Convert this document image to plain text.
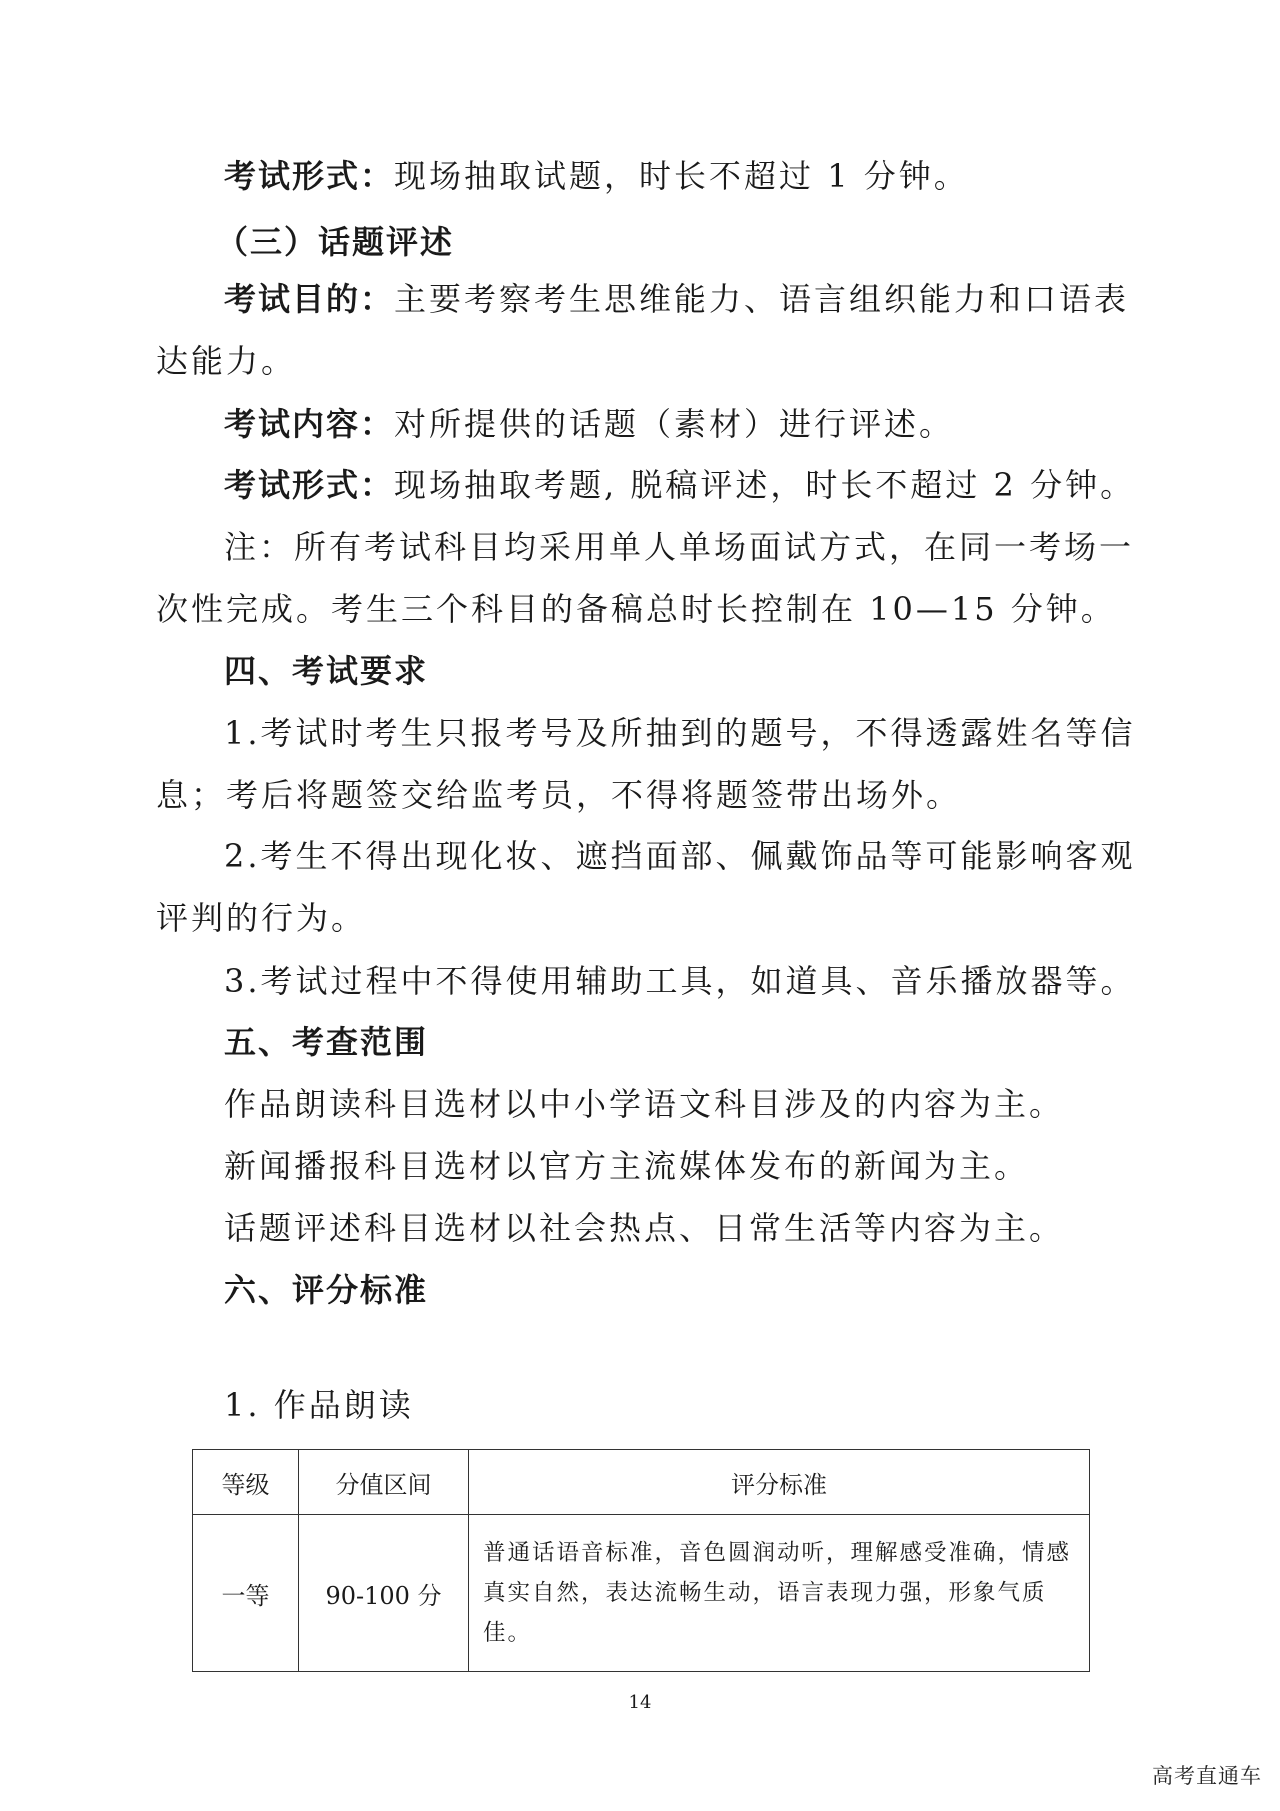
考试形式：现场抽取试题，时长不超过 1 分钟。
（三）话题评述
考试目的：主要考察考生思维能力、语言组织能力和口语表
达能力。
考试内容：对所提供的话题（素材）进行评述。
考试形式：现场抽取考题, 脱稿评述，时长不超过 2 分钟。
注：所有考试科目均采用单人单场面试方式，在同一考场一
次性完成。考生三个科目的备稿总时长控制在 10—15 分钟。
四、考试要求
1.考试时考生只报考号及所抽到的题号，不得透露姓名等信
息；考后将题签交给监考员，不得将题签带出场外。
2.考生不得出现化妆、遮挡面部、佩戴饰品等可能影响客观
评判的行为。
3.考试过程中不得使用辅助工具，如道具、音乐播放器等。
五、考查范围
作品朗读科目选材以中小学语文科目涉及的内容为主。
新闻播报科目选材以官方主流媒体发布的新闻为主。
话题评述科目选材以社会热点、日常生活等内容为主。
六、评分标准
1. 作品朗读
等级	分值区间	评分标准
一等	90-100 分	普通话语音标准，音色圆润动听，理解感受准确，情感真实自然，表达流畅生动，语言表现力强，形象气质佳。
14
高考直通车
